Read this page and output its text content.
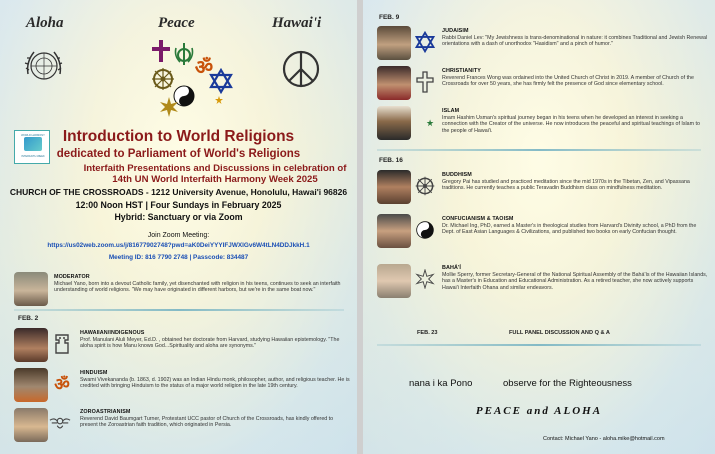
Aloha	Peace	Hawai'i
ॐ
WORLD HARMONY
INTERFAITH WEEK
Introduction to World Religions
dedicated to Parliament of World's Religions
Interfaith Presentations and Discussions in celebration of
14th UN World Interfaith Harmony Week 2025
CHURCH OF THE CROSSROADS - 1212 University Avenue, Honolulu, Hawai'i 96826
12:00 Noon HST | Four Sundays in February 2025
Hybrid: Sanctuary or via Zoom
Join Zoom Meeting:
https://us02web.zoom.us/j/81677902748?pwd=aK0DeiYYYIFJWXlGv6W4tLN4DDJkkH.1
Meeting ID: 816 7790 2748 | Passcode: 834487
MODERATOR
Michael Yano, born into a devout Catholic family, yet disenchanted with religion in his teens, continues to seek an interfaith understanding of world religions. "We may have originated in different harbors, but we're in the same boat now."
FEB. 2
HAWAIIAN/INDIGENOUS
Prof. Manulani Aluli Meyer, Ed.D. , obtained her doctorate from Harvard, studying Hawaiian epistemology. "The aloha spirit is how Manu knows God...Spirituality and aloha are synonyms."
ॐ
HINDUISM
Swami Vivekananda (b. 1863, d. 1902) was an Indian Hindu monk, philosopher, author, and religious teacher. He is credited with bringing Hinduism to the status of a major world religion in the late 19th century.
ZOROASTRIANISM
Reverend David Baumgart Turner, Protestant UCC pastor of Church of the Crossroads, has kindly offered to present the Zoroastrian faith tradition, which originated in Persia.
FEB. 9
JUDAISIM
Rabbi Daniel Lev: "My Jewishness is trans-denominational in nature: it combines Traditional and Jewish Renewal orientations with a dash of unorthodox "Hasidism" and a pinch of humor."
CHRISTIANITY
Reverend Frances Wong was ordained into the United Church of Christ in 2019. A member of Church of the Crossroads for over 50 years, she has firmly felt the presence of God since elementary school.
ISLAM
Imam Hashim Usman's spiritual journey began in his teens when he developed an interest in seeking a connection with the Creator of the universe. He now introduces the peaceful and spiritual teachings of Islam to the people of Hawai'i.
FEB. 16
BUDDHISM
Gregory Pai has studied and practiced meditation since the mid 1970s in the Tibetan, Zen, and Vipassana traditions. He currently teaches a public Teravadin Buddhism class on mindfulness meditation.
CONFUCIANISM & TAOISM
Dr. Michael Ing, PhD, earned a Master's in theological studies from Harvard's Divinity school, a PhD from the Dept. of East Asian Languages & Civilizations, and published two books on early Confucian thought.
BAHÁ'Í
Mollie Sperry, former Secretary-General of the National Spiritual Assembly of the Bahá'ís of the Hawaiian Islands, has a Master's in Education and Educational Administration. As a retired teacher, she now actively supports Hawai'i Interfaith Ohana and similar endeavors.
FEB. 23	FULL PANEL DISCUSSION AND Q & A
nana i ka Pono	observe for the Righteousness
PEACE and ALOHA
Contact: Michael Yano - aloha.mike@hotmail.com
